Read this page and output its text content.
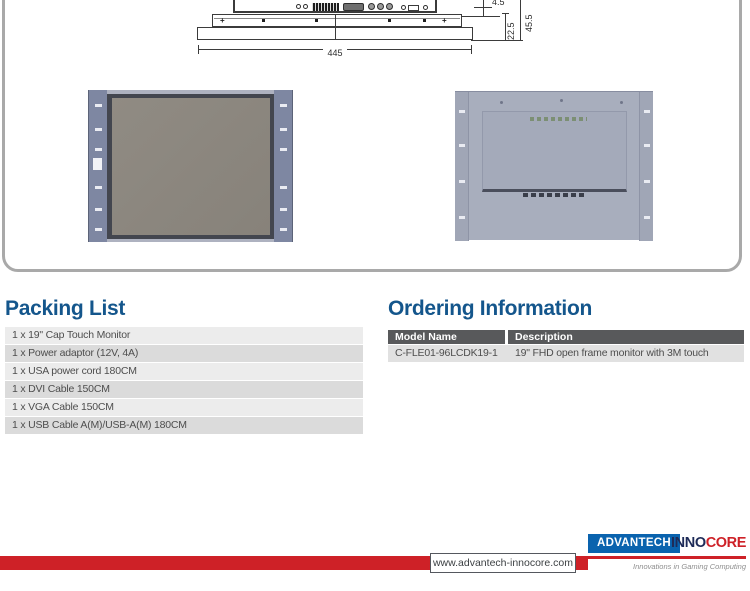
+	+
445
4.5
22.5 45.5
Packing List
1 x 19" Cap Touch Monitor
1 x Power adaptor (12V, 4A)
1 x USA power cord 180CM
1 x DVI Cable 150CM
1 x VGA Cable 150CM
1 x USB Cable A(M)/USB-A(M) 180CM
Ordering Information
Model Name	Description
C-FLE01-96LCDK19-1	19" FHD open frame monitor with 3M touch
www.advantech-innocore.com
ADVANTECH INNOCORE
Innovations in Gaming Computing
